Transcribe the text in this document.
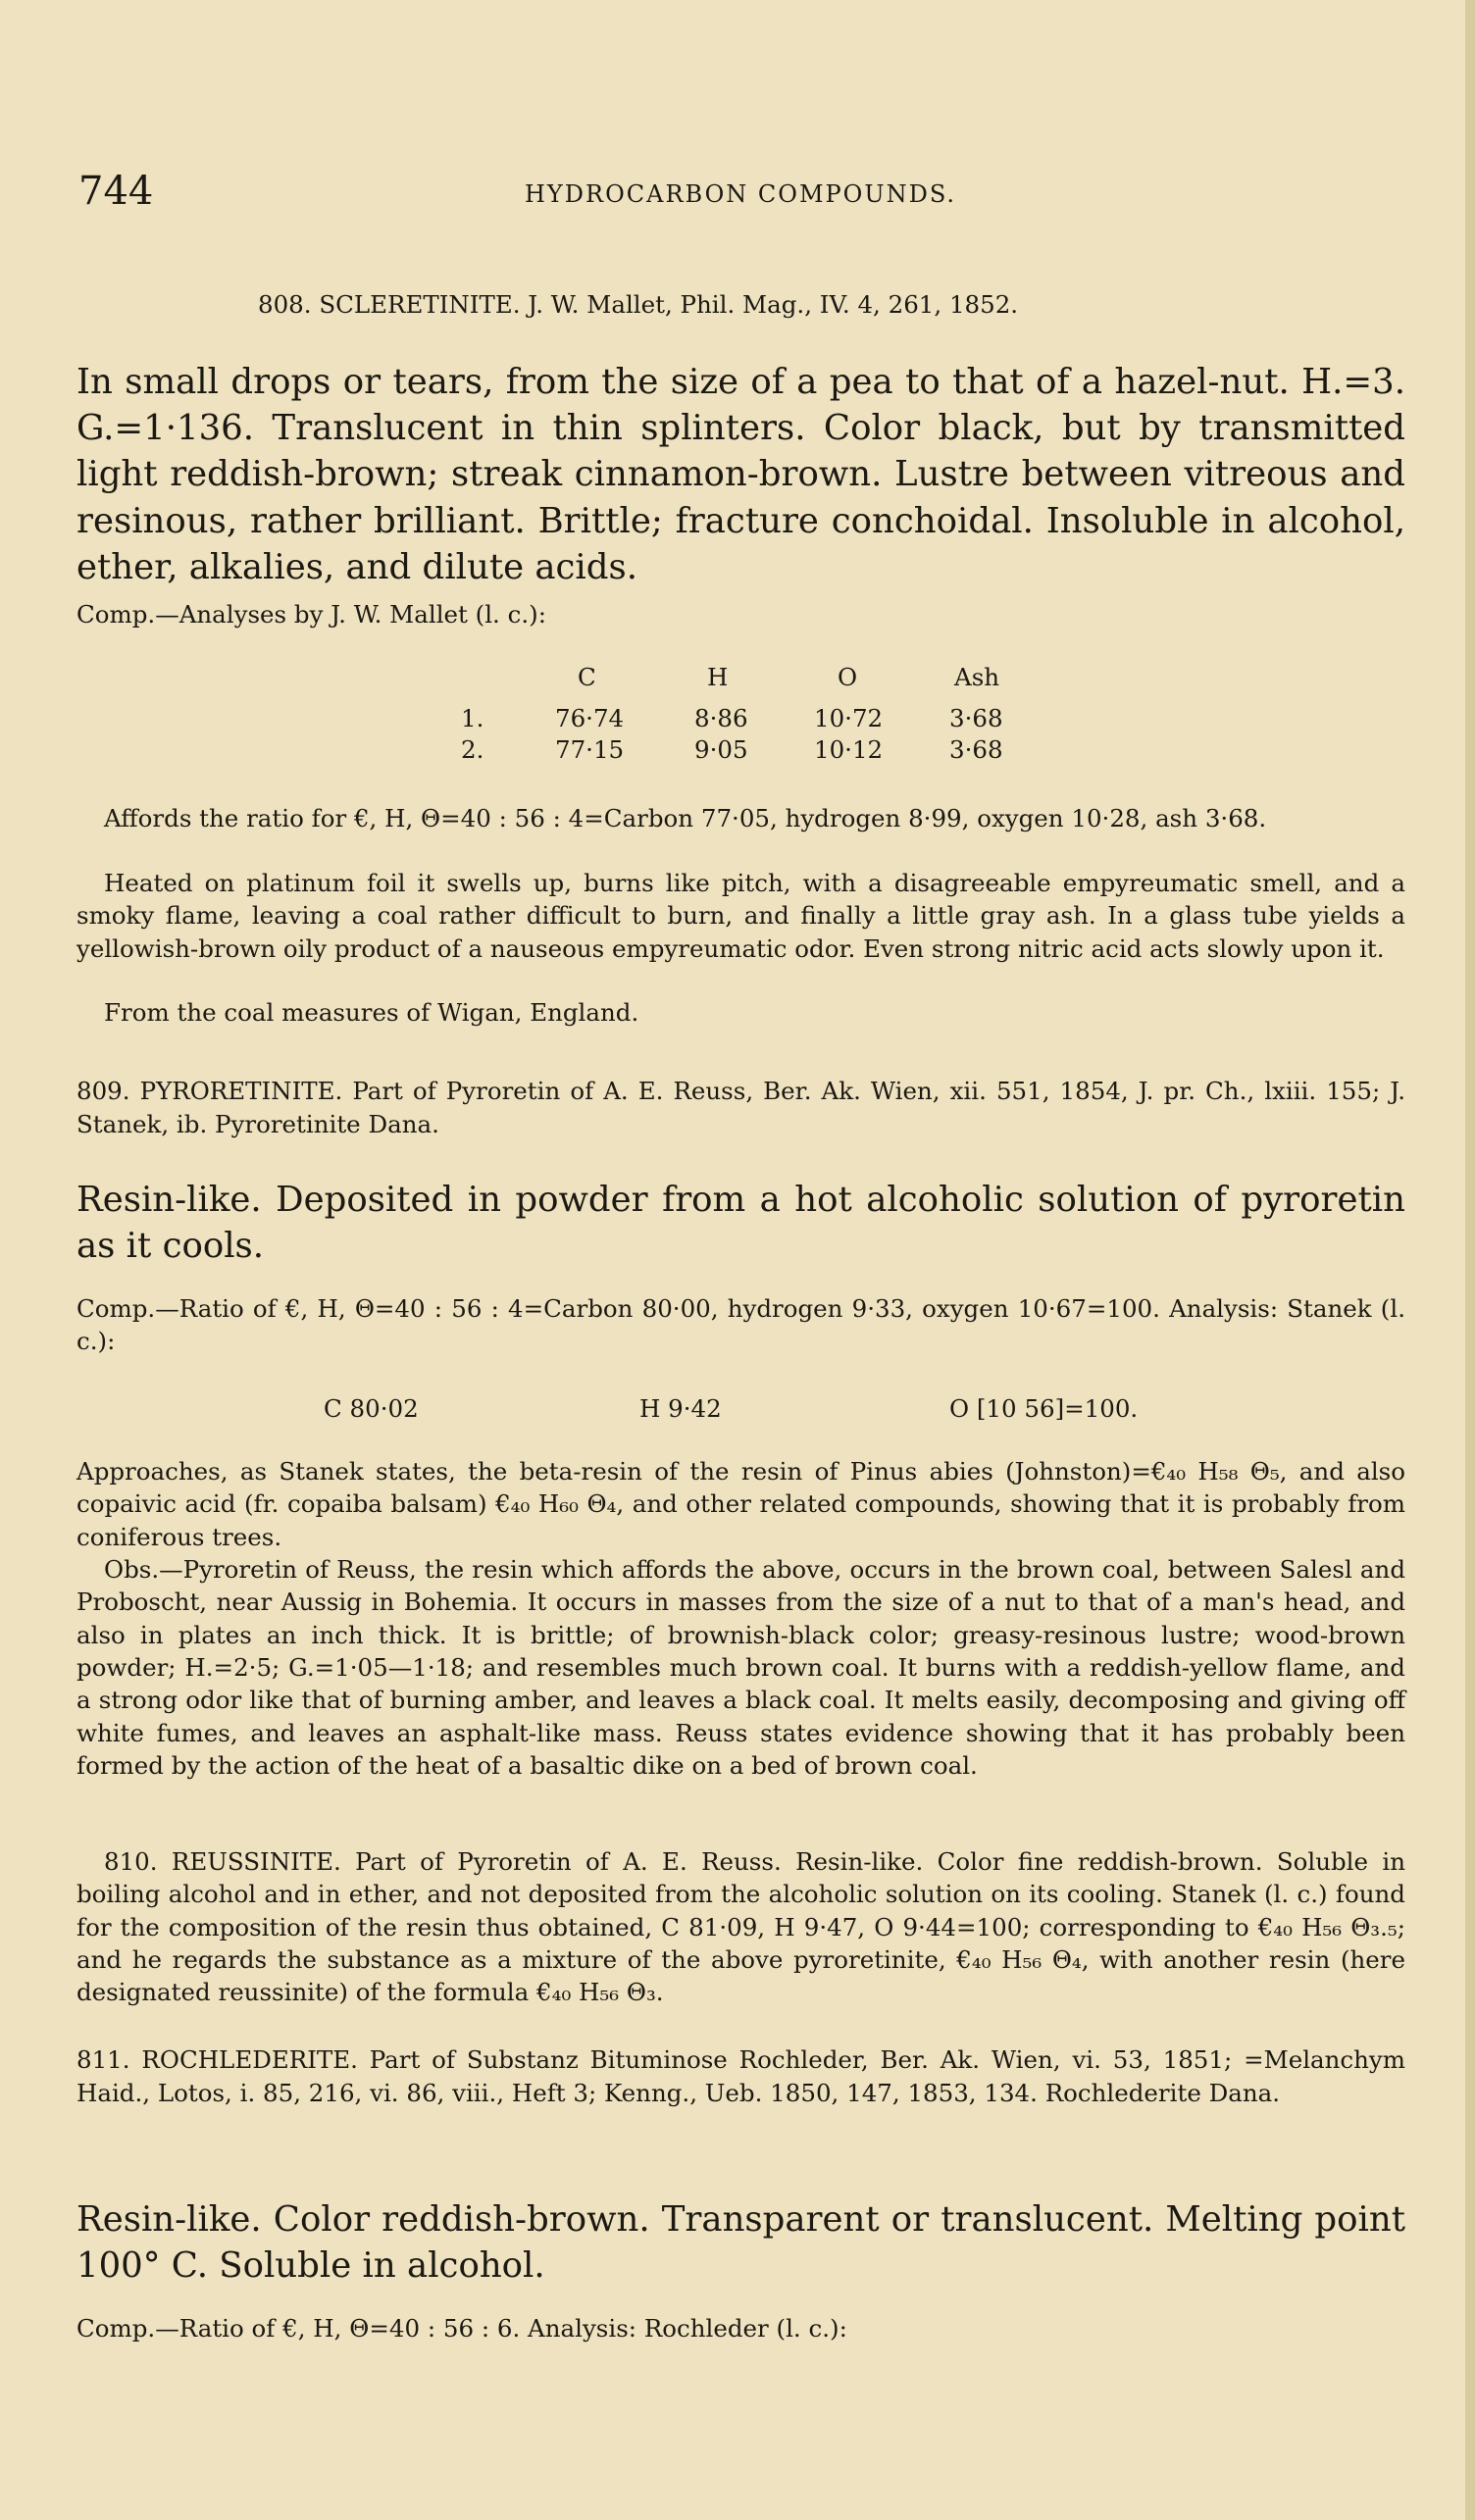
744	HYDROCARBON COMPOUNDS.

808. SCLERETINITE. J. W. Mallet, Phil. Mag., IV. 4, 261, 1852.

In small drops or tears, from the size of a pea to that of a hazel-nut. H.=3. G.=1·136. Translucent in thin splinters. Color black, but by transmitted light reddish-brown; streak cinnamon-brown. Lustre between vitreous and resinous, rather brilliant. Brittle; fracture conchoidal. Insoluble in alcohol, ether, alkalies, and dilute acids.

Comp.—Analyses by J. W. Mallet (l. c.):

C	H	O	Ash
1.	76·74	8·86	10·72	3·68
2.	77·15	9·05	10·12	3·68

Affords the ratio for €, H, Θ=40 : 56 : 4=Carbon 77·05, hydrogen 8·99, oxygen 10·28, ash 3·68.

Heated on platinum foil it swells up, burns like pitch, with a disagreeable empyreumatic smell, and a smoky flame, leaving a coal rather difficult to burn, and finally a little gray ash. In a glass tube yields a yellowish-brown oily product of a nauseous empyreumatic odor. Even strong nitric acid acts slowly upon it.

From the coal measures of Wigan, England.

809. PYRORETINITE. Part of Pyroretin of A. E. Reuss, Ber. Ak. Wien, xii. 551, 1854, J. pr. Ch., lxiii. 155; J. Stanek, ib. Pyroretinite Dana.

Resin-like. Deposited in powder from a hot alcoholic solution of pyroretin as it cools.

Comp.—Ratio of €, H, Θ=40 : 56 : 4=Carbon 80·00, hydrogen 9·33, oxygen 10·67=100. Analysis: Stanek (l. c.):

C 80·02	H 9·42	O [10 56]=100.

Approaches, as Stanek states, the beta-resin of the resin of Pinus abies (Johnston)=€₄₀ H₅₈ Θ₅, and also copaivic acid (fr. copaiba balsam) €₄₀ H₆₀ Θ₄, and other related compounds, showing that it is probably from coniferous trees.

Obs.—Pyroretin of Reuss, the resin which affords the above, occurs in the brown coal, between Salesl and Proboscht, near Aussig in Bohemia. It occurs in masses from the size of a nut to that of a man's head, and also in plates an inch thick. It is brittle; of brownish-black color; greasy-resinous lustre; wood-brown powder; H.=2·5; G.=1·05—1·18; and resembles much brown coal. It burns with a reddish-yellow flame, and a strong odor like that of burning amber, and leaves a black coal. It melts easily, decomposing and giving off white fumes, and leaves an asphalt-like mass. Reuss states evidence showing that it has probably been formed by the action of the heat of a basaltic dike on a bed of brown coal.

810. REUSSINITE. Part of Pyroretin of A. E. Reuss. Resin-like. Color fine reddish-brown. Soluble in boiling alcohol and in ether, and not deposited from the alcoholic solution on its cooling. Stanek (l. c.) found for the composition of the resin thus obtained, C 81·09, H 9·47, O 9·44=100; corresponding to €₄₀ H₅₆ Θ₃.₅; and he regards the substance as a mixture of the above pyroretinite, €₄₀ H₅₆ Θ₄, with another resin (here designated reussinite) of the formula €₄₀ H₅₆ Θ₃.

811. ROCHLEDERITE. Part of Substanz Bituminose Rochleder, Ber. Ak. Wien, vi. 53, 1851; =Melanchym Haid., Lotos, i. 85, 216, vi. 86, viii., Heft 3; Kenng., Ueb. 1850, 147, 1853, 134. Rochlederite Dana.

Resin-like. Color reddish-brown. Transparent or translucent. Melting point 100° C. Soluble in alcohol.

Comp.—Ratio of €, H, Θ=40 : 56 : 6. Analysis: Rochleder (l. c.):
